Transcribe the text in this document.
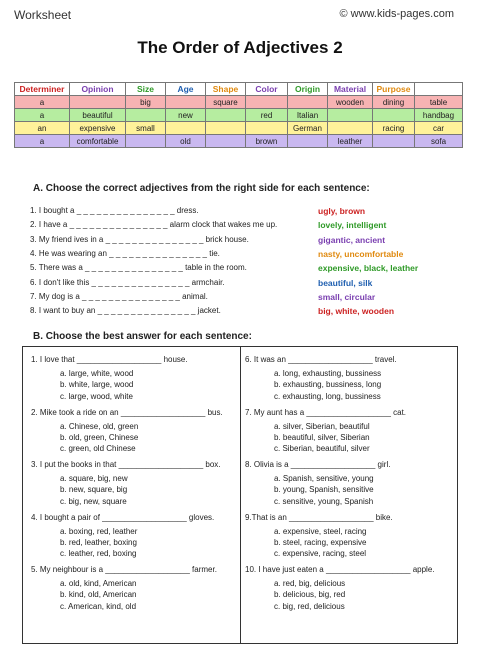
Worksheet	© www.kids-pages.com
The Order of Adjectives 2
Determiner	Opinion	Size	Age	Shape	Color	Origin	Material	Purpose	
a		big		square			wooden	dining	table
a	beautiful		new		red	Italian			handbag
an	expensive	small				German		racing	car
a	comfortable		old		brown		leather		sofa
A. Choose the correct adjectives from the right side for each sentence:
1. I bought a _ _ _ _ _ _ _ _ _ _ _ _ _ _ _ dress.
2. I have a _ _ _ _ _ _ _ _ _ _ _ _ _ _ _ alarm clock that wakes me up.
3. My friend ives in a _ _ _ _ _ _ _ _ _ _ _ _ _ _ _ brick house.
4. He was wearing an _ _ _ _ _ _ _ _ _ _ _ _ _ _ _ tie.
5. There was a _ _ _ _ _ _ _ _ _ _ _ _ _ _ _ table in the room.
6. I don't like this _ _ _ _ _ _ _ _ _ _ _ _ _ _ _ armchair.
7. My dog is a _ _ _ _ _ _ _ _ _ _ _ _ _ _ _ animal.
8. I want to buy an _ _ _ _ _ _ _ _ _ _ _ _ _ _ _ jacket.
ugly, brown
lovely, intelligent
gigantic, ancient
nasty, uncomfortable
expensive, black, leather
beautiful, silk
small, circular
big, white, wooden
B. Choose the best answer for each sentence:
1. I love that ___________________ house.
a. large, white, wood
b. white, large, wood
c. large, wood, white
2. Mike took a ride on an ___________________ bus.
a. Chinese, old, green
b. old, green, Chinese
c. green, old Chinese
3. I put the books in that ___________________ box.
a. square, big, new
b. new, square, big
c. big, new, square
4. I bought a pair of ___________________ gloves.
a. boxing, red, leather
b. red, leather, boxing
c. leather, red, boxing
5. My neighbour is a ___________________ farmer.
a. old, kind, American
b. kind, old, American
c. American, kind, old
6. It was an ___________________ travel.
a. long, exhausting, bussiness
b. exhausting, bussiness, long
c. exhausting, long, bussiness
7. My aunt has a ___________________ cat.
a. silver, Siberian, beautiful
b. beautiful, silver, Siberian
c. Siberian, beautiful, silver
8. Olivia is a ___________________ girl.
a. Spanish, sensitive, young
b. young, Spanish, sensitive
c. sensitive, young, Spanish
9.That is an ___________________ bike.
a. expensive, steel, racing
b. steel, racing, expensive
c. expensive, racing, steel
10. I have just eaten a ___________________ apple.
a. red, big, delicious
b. delicious, big, red
c. big, red, delicious
